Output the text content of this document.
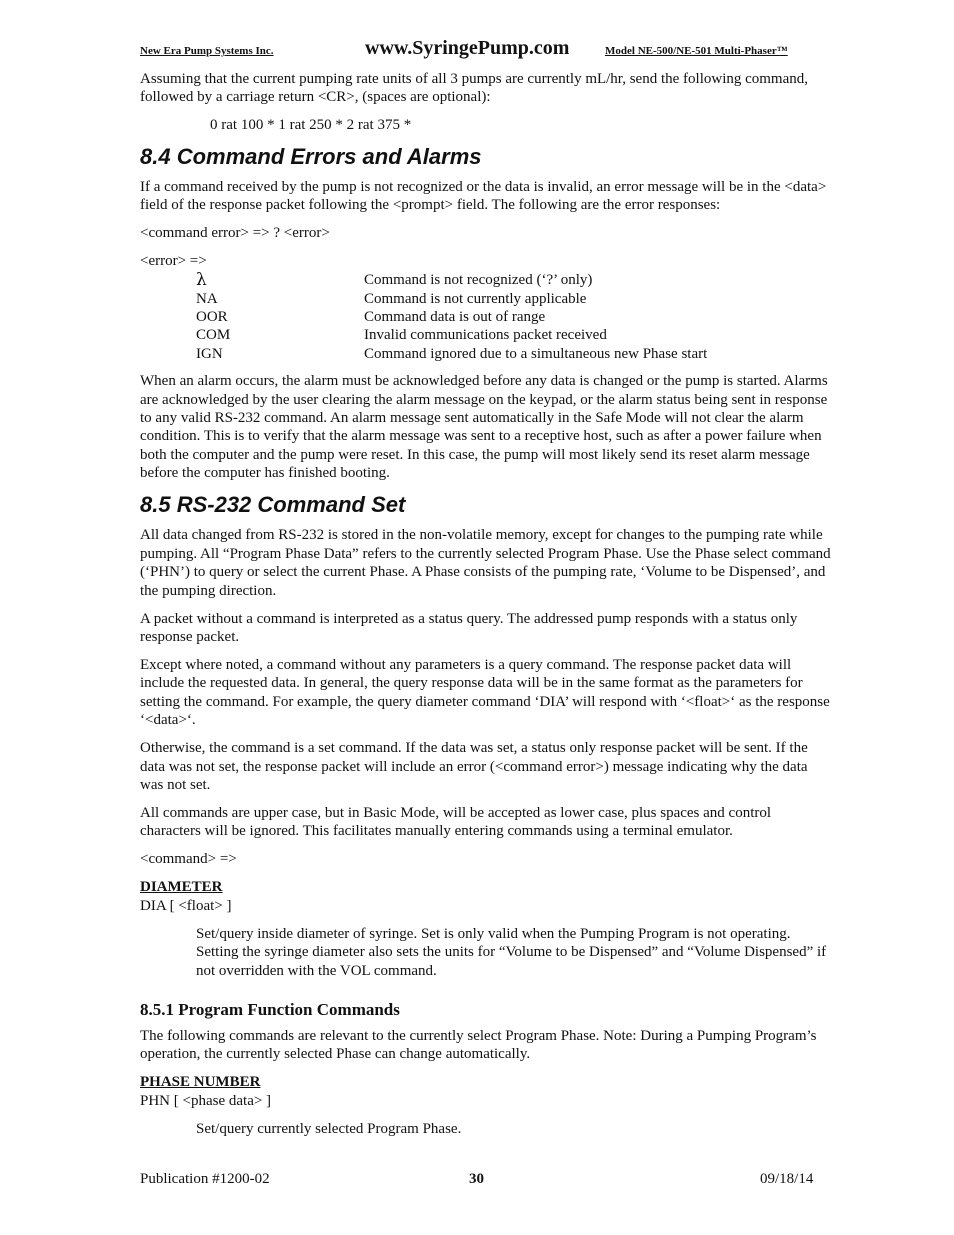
New Era Pump Systems Inc.	www.SyringePump.com	Model NE-500/NE-501 Multi-Phaser™

Assuming that the current pumping rate units of all 3 pumps are currently mL/hr, send the following command, followed by a carriage return <CR>, (spaces are optional):

0 rat 100 * 1 rat 250 * 2 rat 375 *
8.4 Command Errors and Alarms

If a command received by the pump is not recognized or the data is invalid, an error message will be in the <data> field of the response packet following the <prompt> field. The following are the error responses:

<command error> => ? <error>

<error> =>

λ	Command is not recognized (‘?’ only)
NA	Command is not currently applicable
OOR	Command data is out of range
COM	Invalid communications packet received
IGN	Command ignored due to a simultaneous new Phase start

When an alarm occurs, the alarm must be acknowledged before any data is changed or the pump is started. Alarms are acknowledged by the user clearing the alarm message on the keypad, or the alarm status being sent in response to any valid RS-232 command. An alarm message sent automatically in the Safe Mode will not clear the alarm condition. This is to verify that the alarm message was sent to a receptive host, such as after a power failure when both the computer and the pump were reset. In this case, the pump will most likely send its reset alarm message before the computer has finished booting.

8.5 RS-232 Command Set

All data changed from RS-232 is stored in the non-volatile memory, except for changes to the pumping rate while pumping. All “Program Phase Data” refers to the currently selected Program Phase. Use the Phase select command (‘PHN’) to query or select the current Phase. A Phase consists of the pumping rate, ‘Volume to be Dispensed’, and the pumping direction.

A packet without a command is interpreted as a status query. The addressed pump responds with a status only response packet.

Except where noted, a command without any parameters is a query command. The response packet data will include the requested data. In general, the query response data will be in the same format as the parameters for setting the command. For example, the query diameter command ‘DIA’ will respond with ‘<float>‘ as the response ‘<data>‘.

Otherwise, the command is a set command. If the data was set, a status only response packet will be sent. If the data was not set, the response packet will include an error (<command error>) message indicating why the data was not set.

All commands are upper case, but in Basic Mode, will be accepted as lower case, plus spaces and control characters will be ignored. This facilitates manually entering commands using a terminal emulator.

<command> =>

DIAMETER
DIA [ <float> ]

Set/query inside diameter of syringe. Set is only valid when the Pumping Program is not operating. Setting the syringe diameter also sets the units for “Volume to be Dispensed” and “Volume Dispensed” if not overridden with the VOL command.

8.5.1 Program Function Commands

The following commands are relevant to the currently select Program Phase. Note: During a Pumping Program’s operation, the currently selected Phase can change automatically.

PHASE NUMBER
PHN [ <phase data> ]

Set/query currently selected Program Phase.

Publication #1200-02	30	09/18/14
